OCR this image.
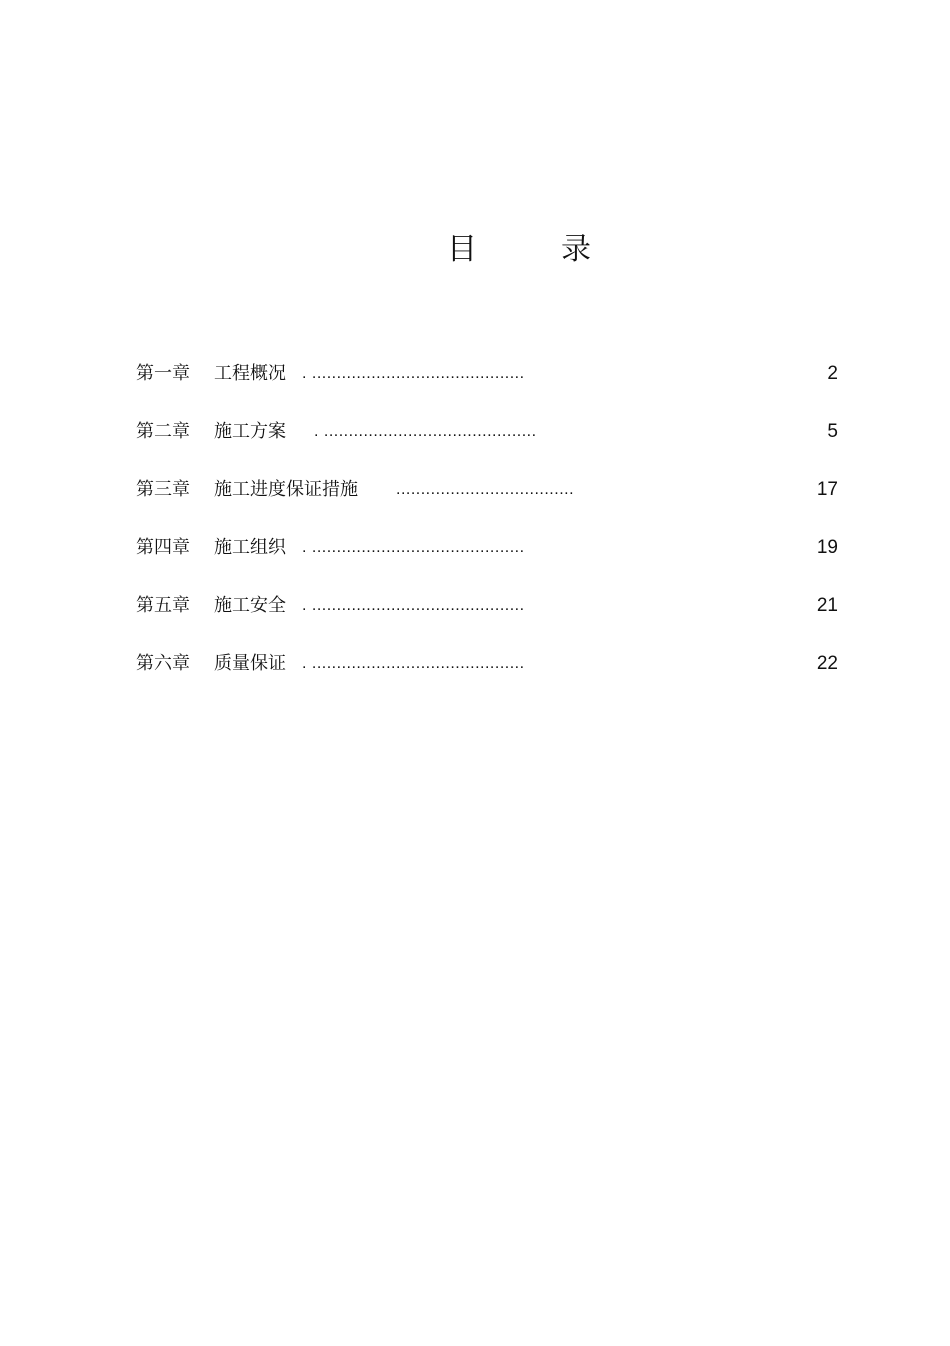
目	录
第一章 工程概况 . ...........................................	2
第二章 施工方案 . ...........................................	5
第三章 施工进度保证措施 ....................................	17
第四章 施工组织 . ...........................................	19
第五章 施工安全 . ...........................................	21
第六章 质量保证 . ...........................................	22
